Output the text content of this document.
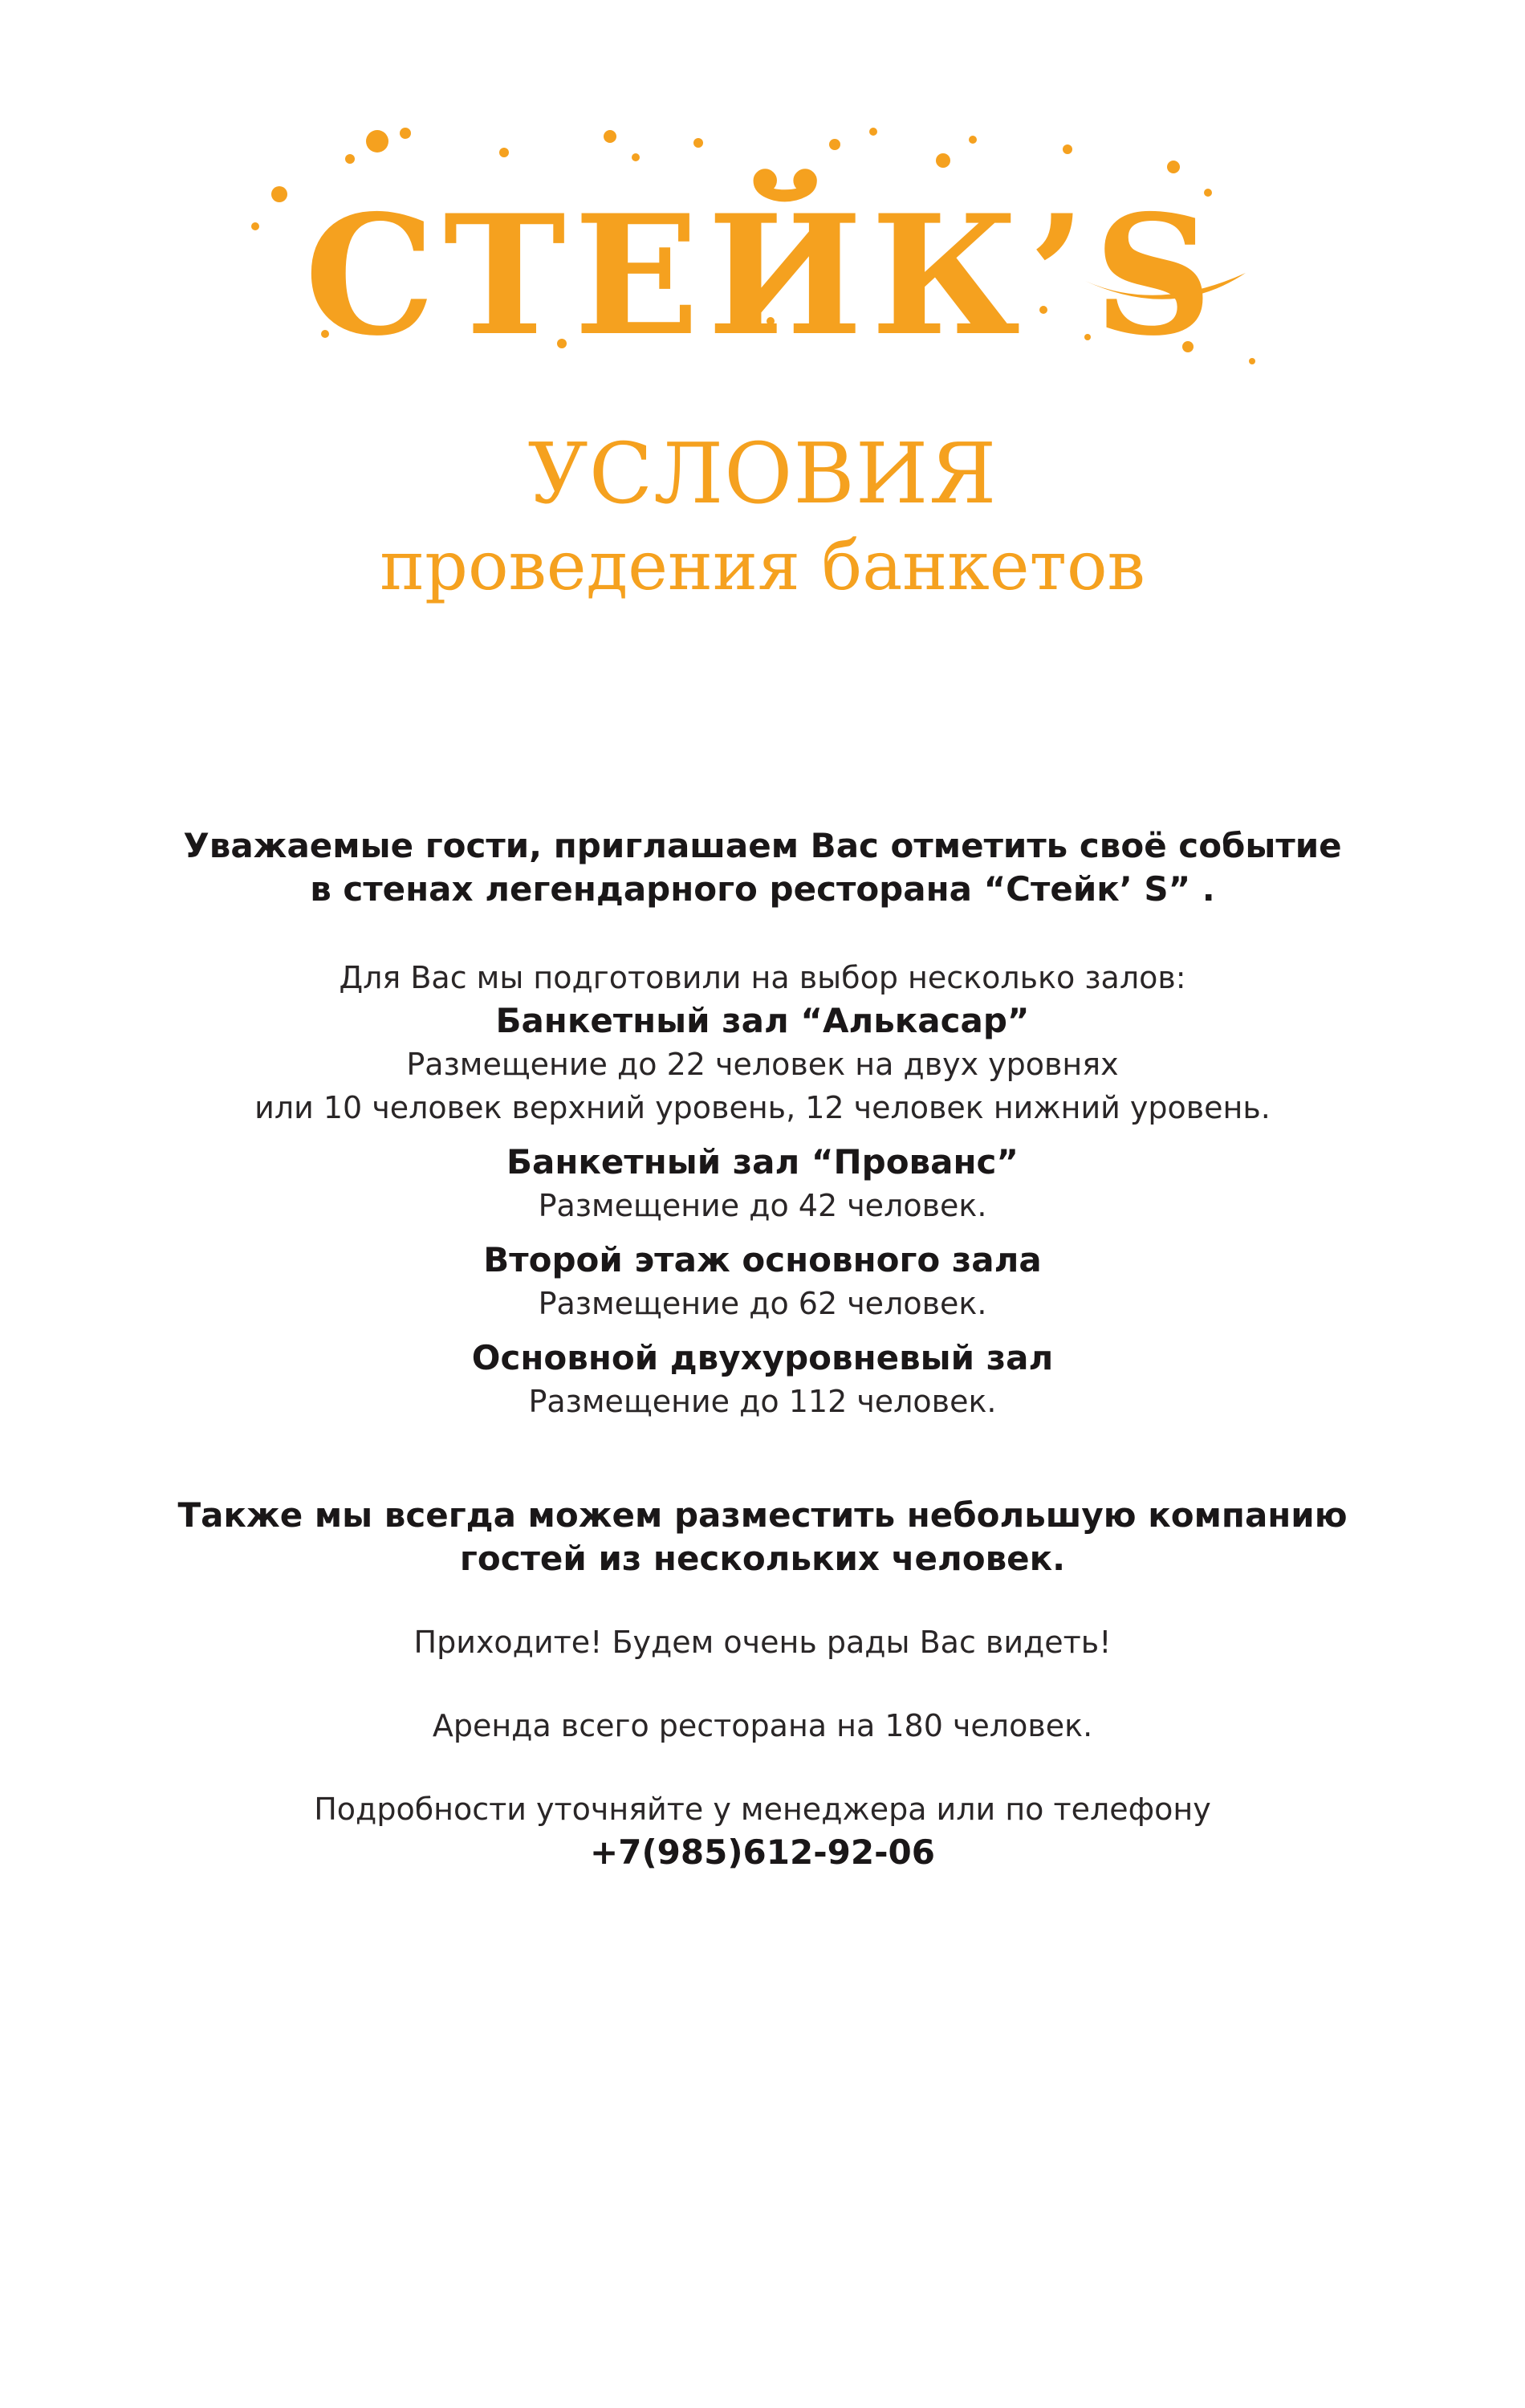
СТЕЙК’S
УСЛОВИЯ
проведения банкетов
Уважаемые гости, приглашаем Вас отметить своё событие
в стенах легендарного ресторана “Стейк’ S” .
Для Вас мы подготовили на выбор несколько залов:
Банкетный зал “Алькасар”
Размещение до 22 человек на двух уровнях
или 10 человек верхний уровень, 12 человек нижний уровень.
Банкетный зал “Прованс”
Размещение до 42 человек.
Второй этаж основного зала
Размещение до 62 человек.
Основной двухуровневый зал
Размещение до 112 человек.
Также мы всегда можем разместить небольшую компанию
гостей из нескольких человек.
Приходите! Будем очень рады Вас видеть!
Аренда всего ресторана на 180 человек.
Подробности уточняйте у менеджера или по телефону
+7(985)612-92-06
